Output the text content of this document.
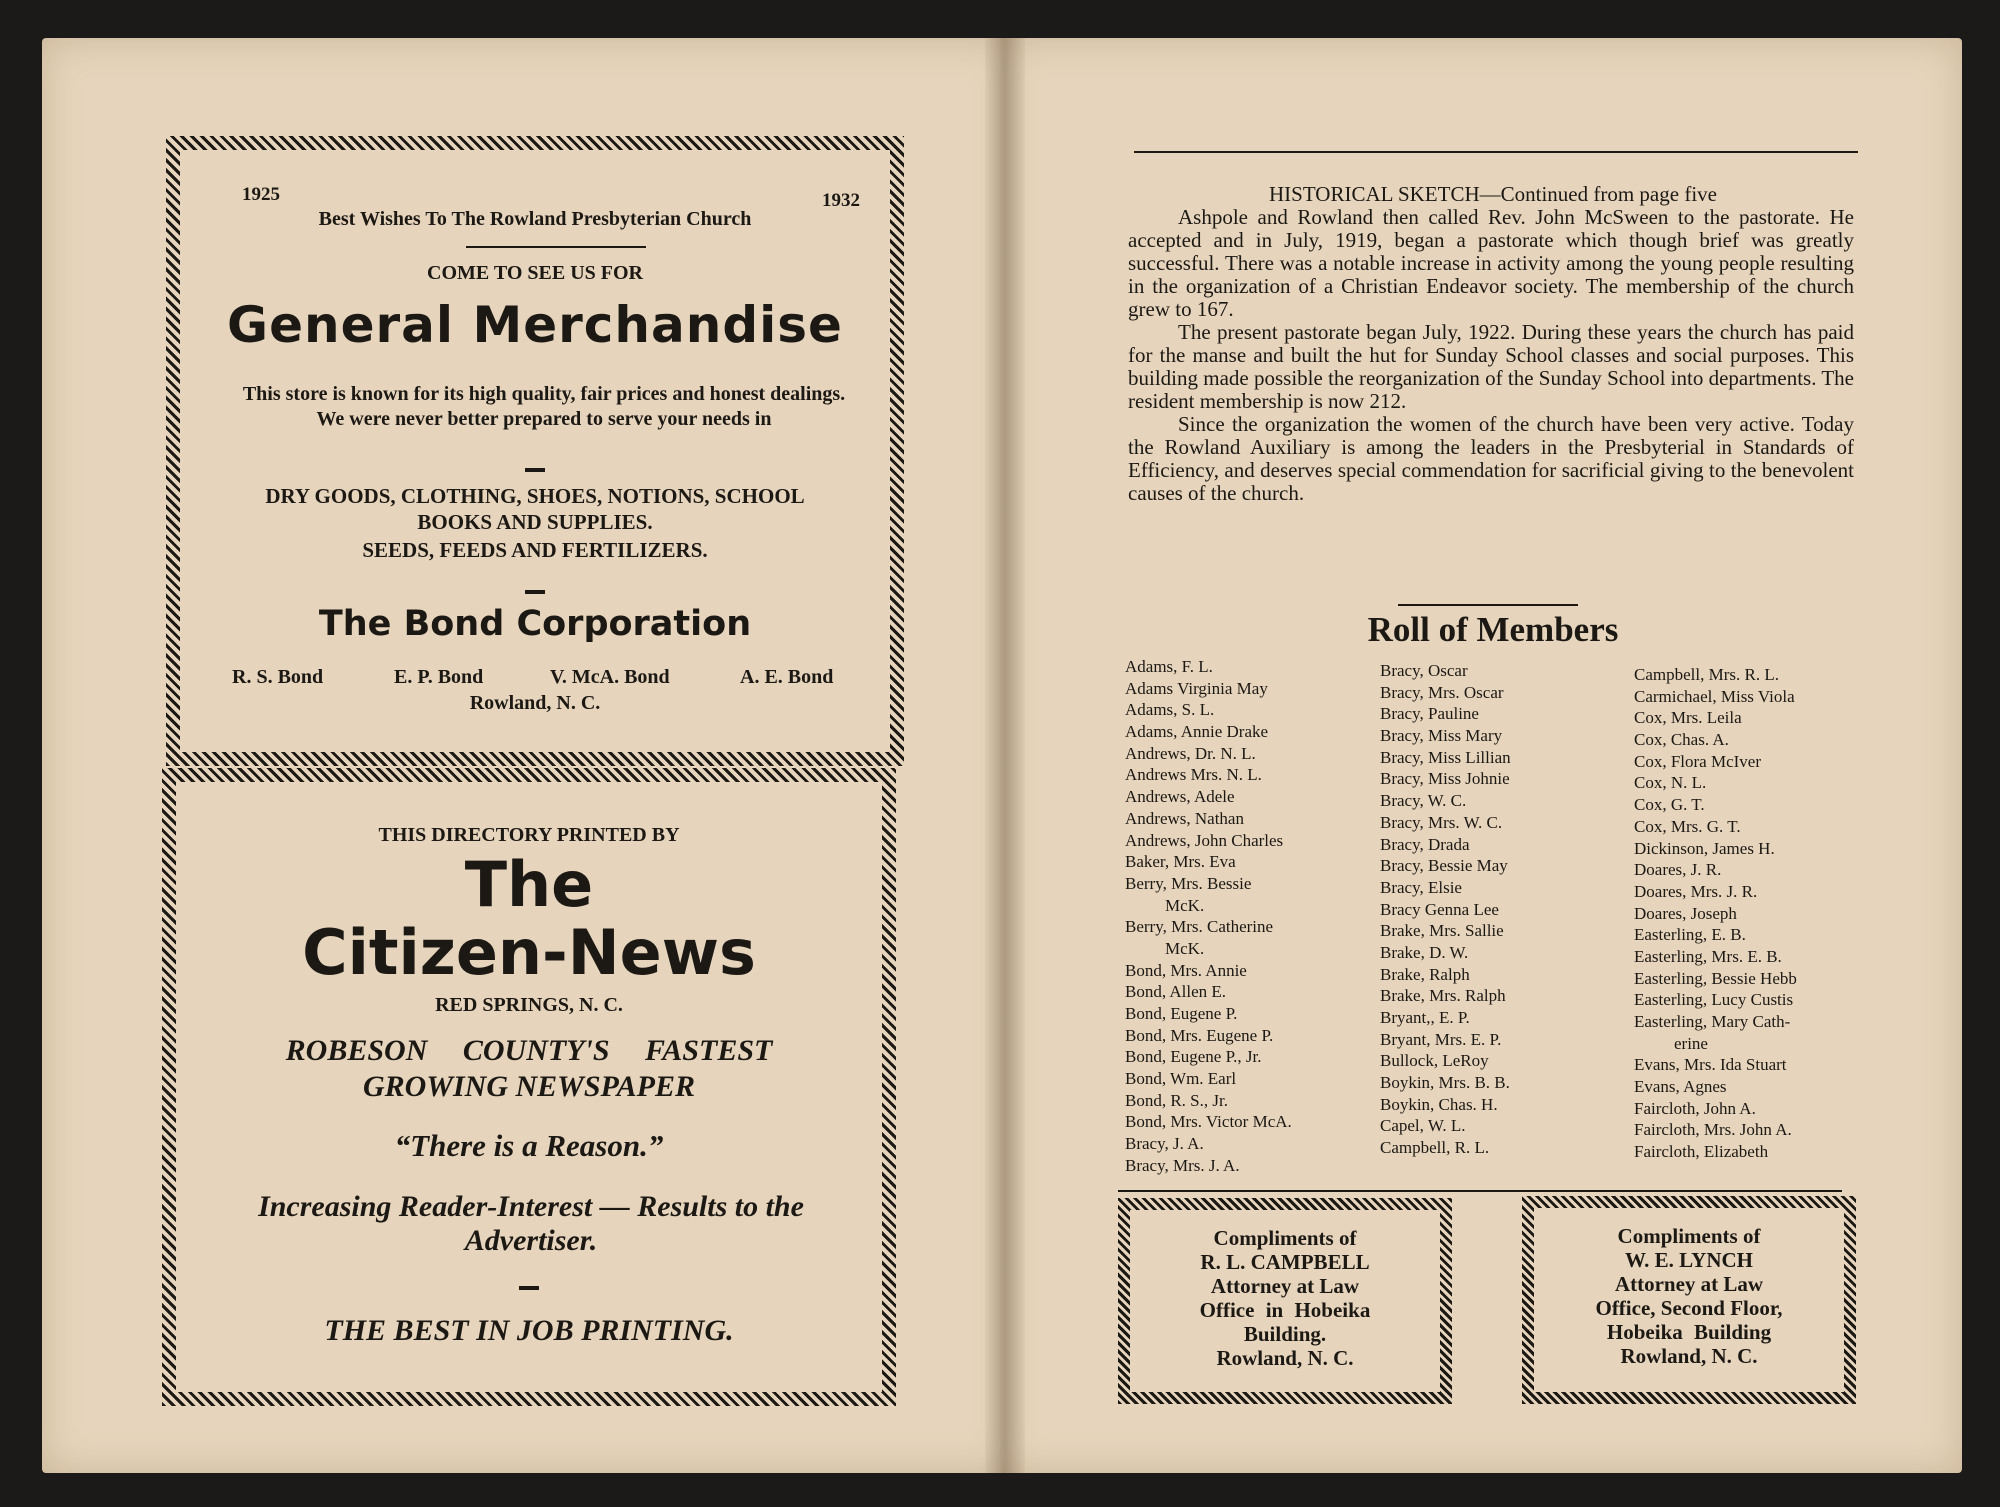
1925	1932
Best Wishes To The Rowland Presbyterian Church
COME TO SEE US FOR
General Merchandise
This store is known for its high quality, fair prices and honest dealings. We were never better prepared to serve your needs in
DRY GOODS, CLOTHING, SHOES, NOTIONS, SCHOOL
BOOKS AND SUPPLIES.
SEEDS, FEEDS AND FERTILIZERS.
The Bond Corporation
R. S. Bond	E. P. Bond	V. McA. Bond	A. E. Bond
Rowland, N. C.
THIS DIRECTORY PRINTED BY
The
Citizen-News
RED SPRINGS, N. C.
ROBESON COUNTY'S FASTEST
GROWING NEWSPAPER
“There is a Reason.”
Increasing Reader-Interest — Results to the Advertiser.
THE BEST IN JOB PRINTING.
HISTORICAL SKETCH—Continued from page five

Ashpole and Rowland then called Rev. John McSween to the pastorate. He accepted and in July, 1919, began a pastorate which though brief was greatly successful. There was a notable increase in activity among the young people resulting in the organization of a Christian Endeavor society. The membership of the church grew to 167.

The present pastorate began July, 1922. During these years the church has paid for the manse and built the hut for Sunday School classes and social purposes. This building made possible the reorganization of the Sunday School into departments. The resident membership is now 212.

Since the organization the women of the church have been very active. Today the Rowland Auxiliary is among the leaders in the Presbyterial in Standards of Efficiency, and deserves special commendation for sacrificial giving to the benevolent causes of the church.

Roll of Members
Adams, F. L.
Adams Virginia May
Adams, S. L.
Adams, Annie Drake
Andrews, Dr. N. L.
Andrews Mrs. N. L.
Andrews, Adele
Andrews, Nathan
Andrews, John Charles
Baker, Mrs. Eva
Berry, Mrs. Bessie
McK.
Berry, Mrs. Catherine
McK.
Bond, Mrs. Annie
Bond, Allen E.
Bond, Eugene P.
Bond, Mrs. Eugene P.
Bond, Eugene P., Jr.
Bond, Wm. Earl
Bond, R. S., Jr.
Bond, Mrs. Victor McA.
Bracy, J. A.
Bracy, Mrs. J. A.
Bracy, Oscar
Bracy, Mrs. Oscar
Bracy, Pauline
Bracy, Miss Mary
Bracy, Miss Lillian
Bracy, Miss Johnie
Bracy, W. C.
Bracy, Mrs. W. C.
Bracy, Drada
Bracy, Bessie May
Bracy, Elsie
Bracy Genna Lee
Brake, Mrs. Sallie
Brake, D. W.
Brake, Ralph
Brake, Mrs. Ralph
Bryant,, E. P.
Bryant, Mrs. E. P.
Bullock, LeRoy
Boykin, Mrs. B. B.
Boykin, Chas. H.
Capel, W. L.
Campbell, R. L.
Campbell, Mrs. R. L.
Carmichael, Miss Viola
Cox, Mrs. Leila
Cox, Chas. A.
Cox, Flora McIver
Cox, N. L.
Cox, G. T.
Cox, Mrs. G. T.
Dickinson, James H.
Doares, J. R.
Doares, Mrs. J. R.
Doares, Joseph
Easterling, E. B.
Easterling, Mrs. E. B.
Easterling, Bessie Hebb
Easterling, Lucy Custis
Easterling, Mary Cath-
erine
Evans, Mrs. Ida Stuart
Evans, Agnes
Faircloth, John A.
Faircloth, Mrs. John A.
Faircloth, Elizabeth
Compliments of
R. L. CAMPBELL
Attorney at Law
Office in Hobeika
Building.
Rowland, N. C.
Compliments of
W. E. LYNCH
Attorney at Law
Office, Second Floor,
Hobeika Building
Rowland, N. C.
